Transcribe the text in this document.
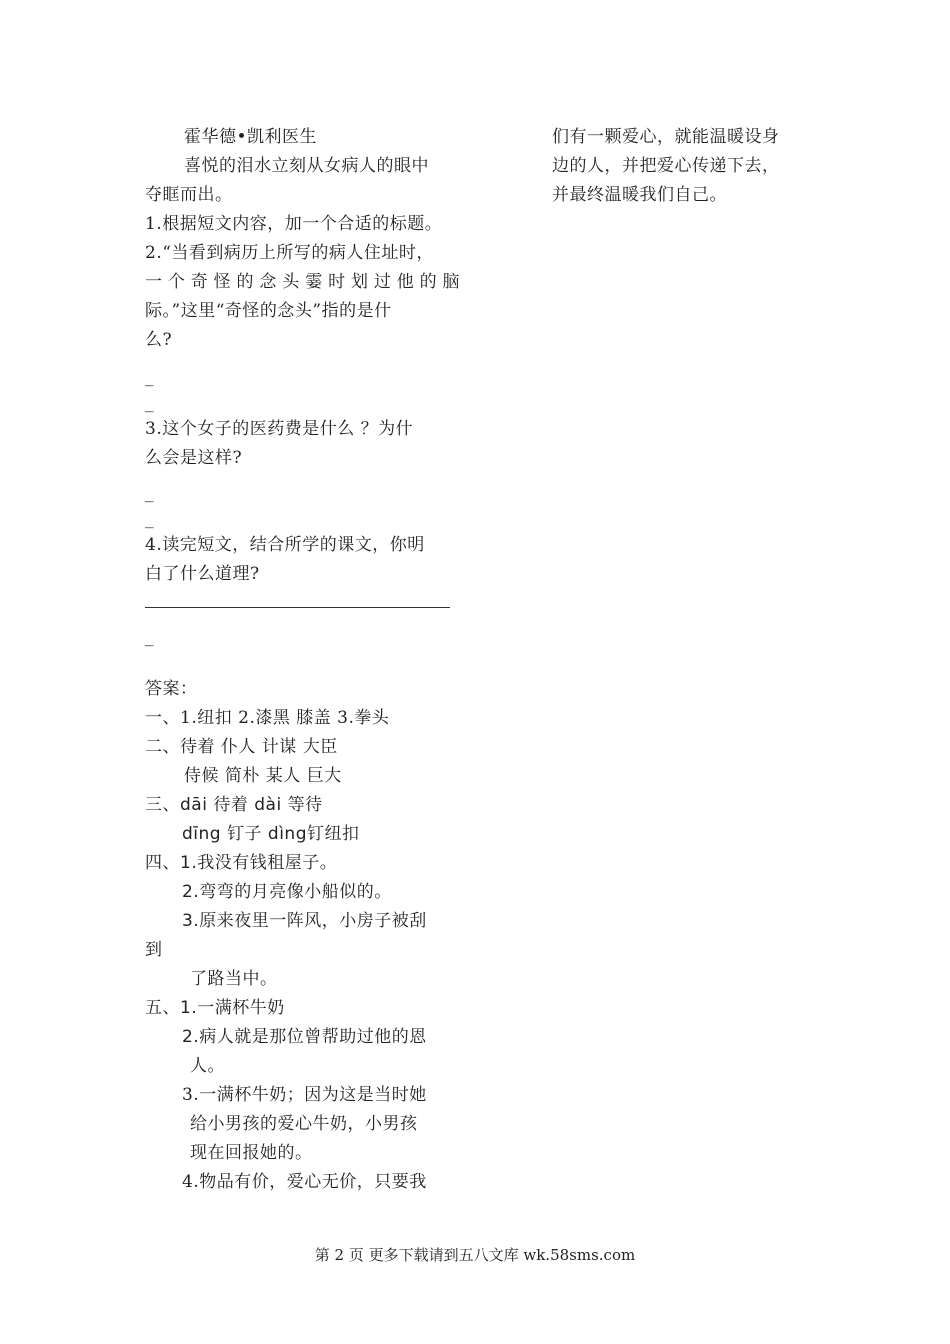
霍华德•凯利医生
喜悦的泪水立刻从女病人的眼中
夺眶而出。
1.根据短文内容，加一个合适的标题。
2.“当看到病历上所写的病人住址时，
一个奇怪的念头霎时划过他的脑
际。”这里“奇怪的念头”指的是什
么?
_
_
3.这个女子的医药费是什么 ？为什
么会是这样?
_
_
4.读完短文，结合所学的课文，你明
白了什么道理?
_
答案：
一、1.纽扣 2.漆黑 膝盖 3.拳头
二、待着 仆人 计谋 大臣
侍候 简朴 某人 巨大
三、dāi 待着 dài 等待
dīng 钉子 dìng钉纽扣
四、1.我没有钱租屋子。
2.弯弯的月亮像小船似的。
3.原来夜里一阵风，小房子被刮
到
了路当中。
五、1.一满杯牛奶
2.病人就是那位曾帮助过他的恩
人。
3.一满杯牛奶；因为这是当时她
给小男孩的爱心牛奶，小男孩
现在回报她的。
4.物品有价，爱心无价，只要我
们有一颗爱心，就能温暖设身
边的人，并把爱心传递下去，
并最终温暖我们自己。
第 2 页 更多下载请到五八文库 wk.58sms.com
